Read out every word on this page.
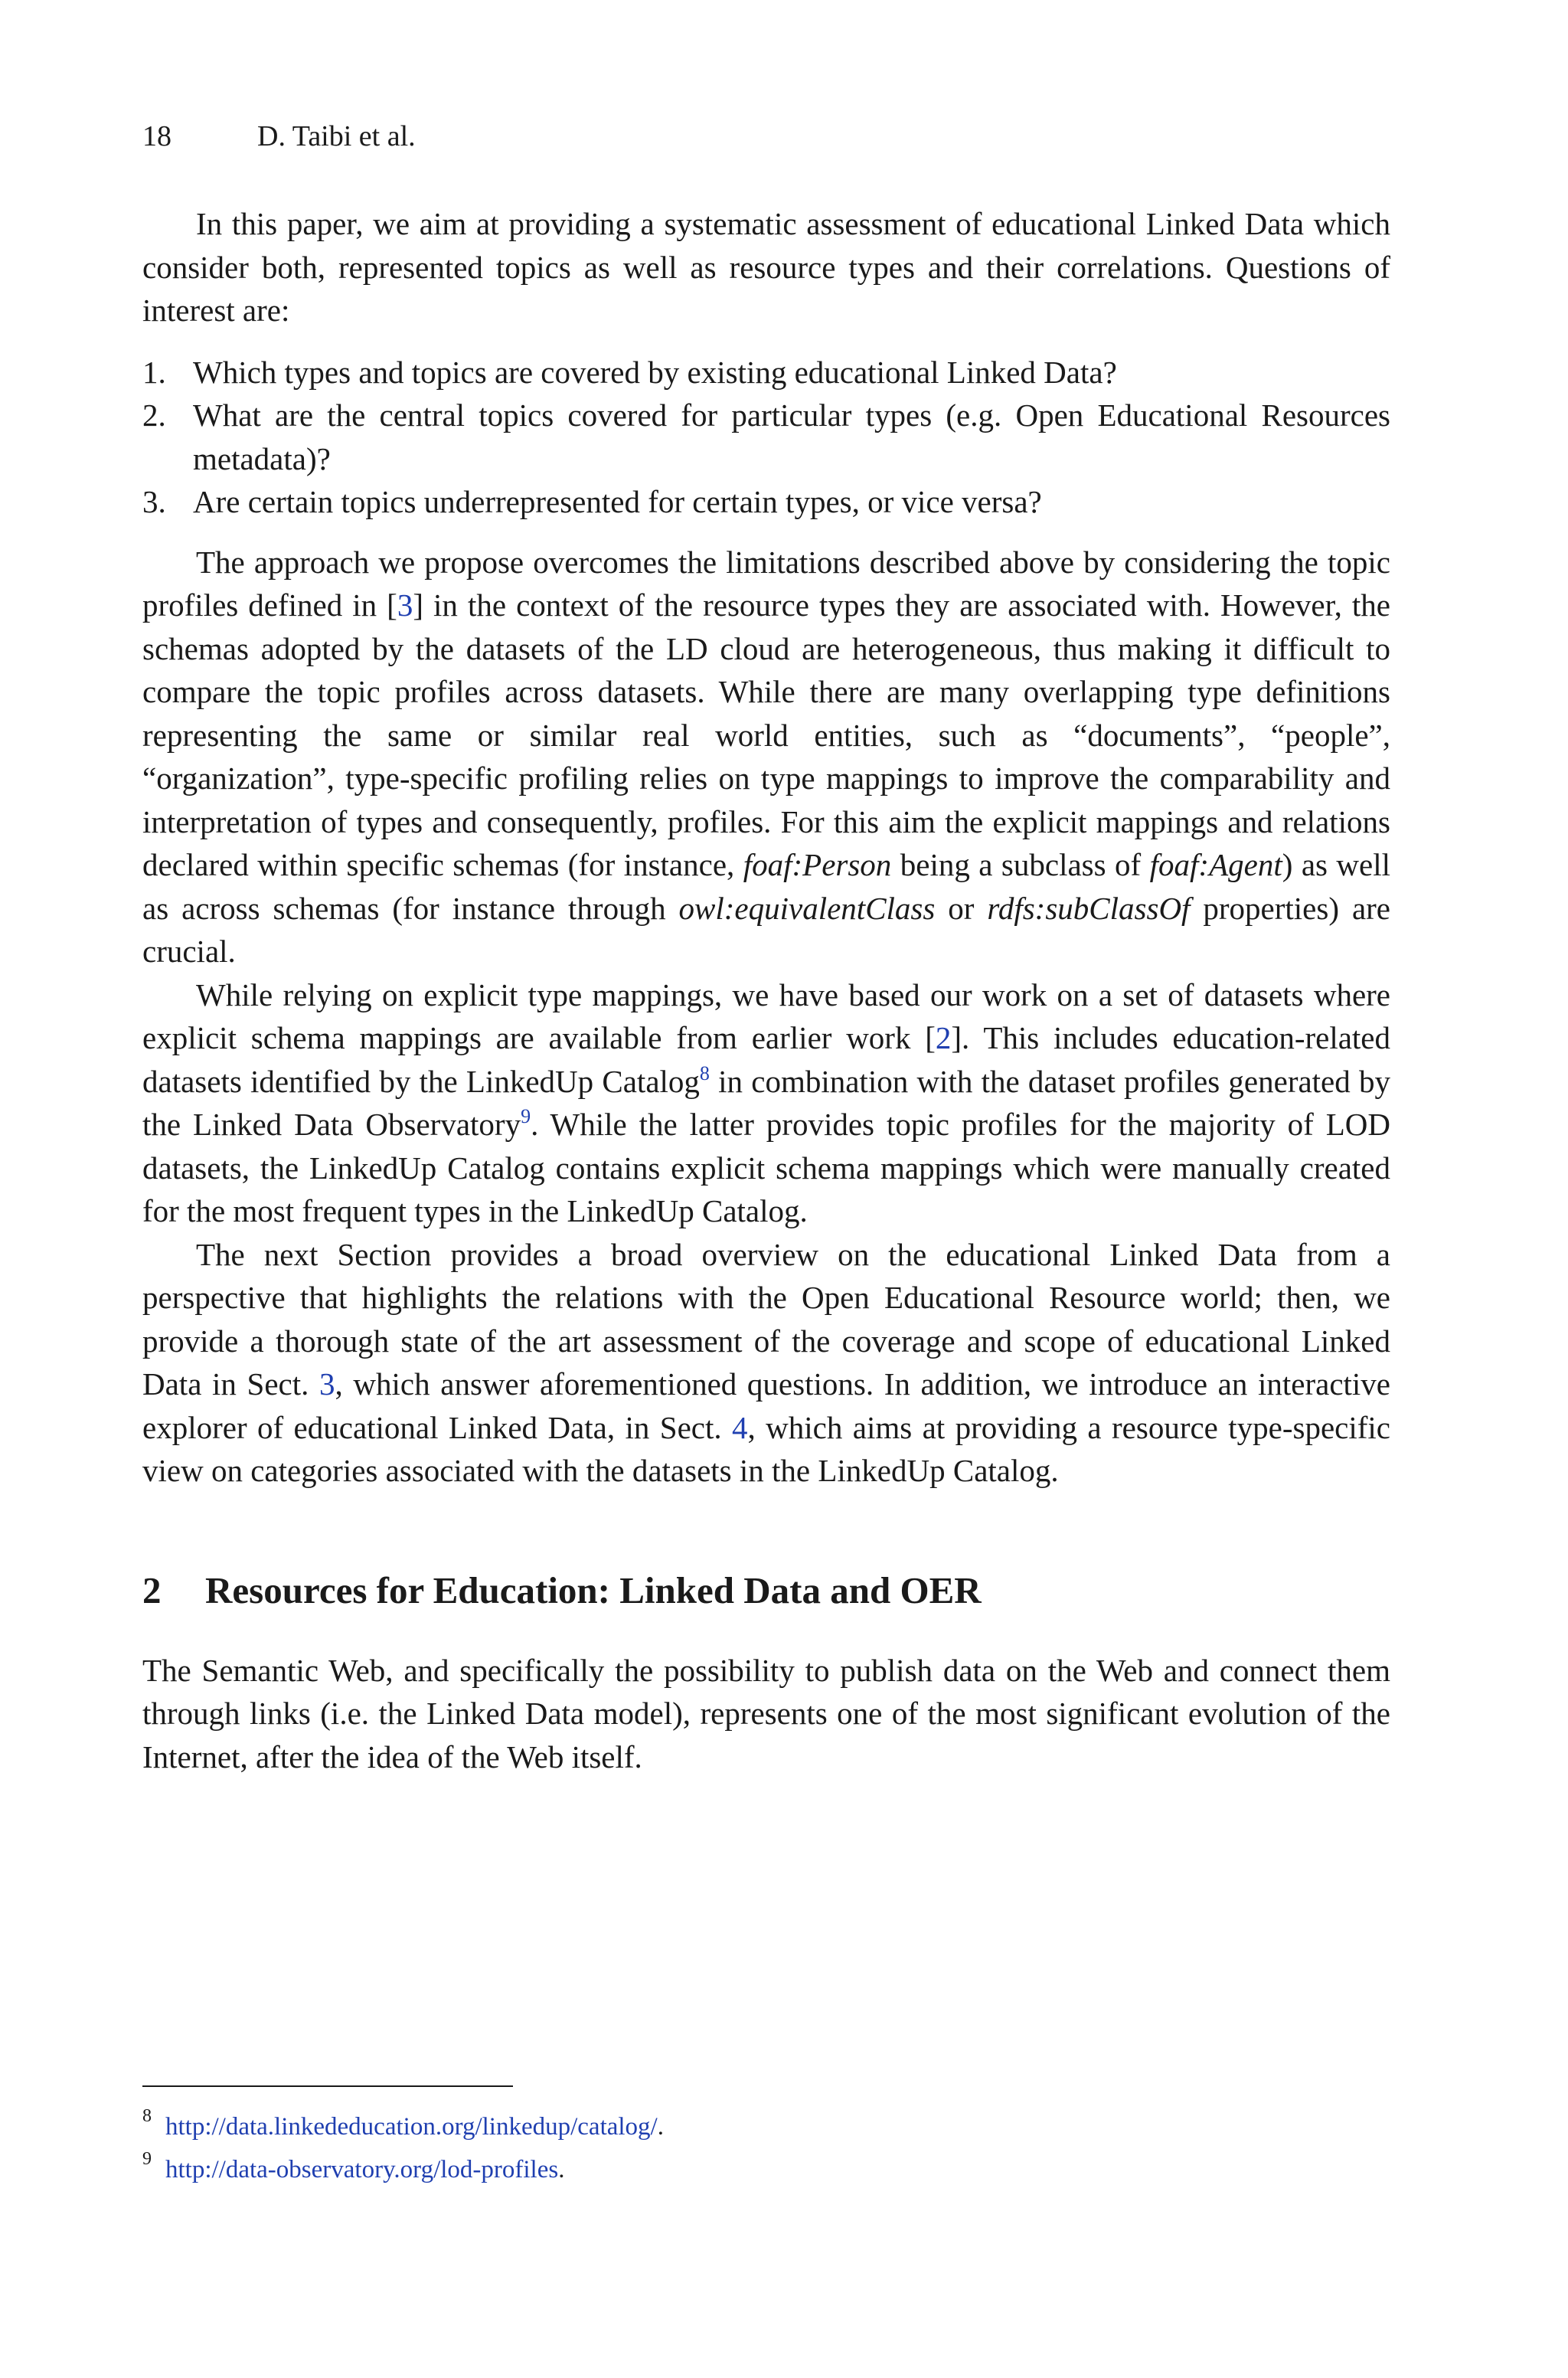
18	D. Taibi et al.

In this paper, we aim at providing a systematic assessment of educational Linked Data which consider both, represented topics as well as resource types and their correlations. Questions of interest are:

1. Which types and topics are covered by existing educational Linked Data?
2. What are the central topics covered for particular types (e.g. Open Educational Resources metadata)?
3. Are certain topics underrepresented for certain types, or vice versa?

The approach we propose overcomes the limitations described above by considering the topic profiles defined in [3] in the context of the resource types they are associated with. However, the schemas adopted by the datasets of the LD cloud are heterogeneous, thus making it difficult to compare the topic profiles across datasets. While there are many overlapping type definitions representing the same or similar real world entities, such as “documents”, “people”, “organization”, type-specific profiling relies on type mappings to improve the comparability and interpretation of types and consequently, profiles. For this aim the explicit mappings and relations declared within specific schemas (for instance, foaf:Person being a subclass of foaf:Agent) as well as across schemas (for instance through owl:equivalentClass or rdfs:subClassOf properties) are crucial.

While relying on explicit type mappings, we have based our work on a set of datasets where explicit schema mappings are available from earlier work [2]. This includes education-related datasets identified by the LinkedUp Catalog$^8$ in combination with the dataset profiles generated by the Linked Data Observatory$^9$. While the latter provides topic profiles for the majority of LOD datasets, the LinkedUp Catalog contains explicit schema mappings which were manually created for the most frequent types in the LinkedUp Catalog.

The next Section provides a broad overview on the educational Linked Data from a perspective that highlights the relations with the Open Educational Resource world; then, we provide a thorough state of the art assessment of the coverage and scope of educational Linked Data in Sect. 3, which answer aforementioned questions. In addition, we introduce an interactive explorer of educational Linked Data, in Sect. 4, which aims at providing a resource type-specific view on categories associated with the datasets in the LinkedUp Catalog.

2 Resources for Education: Linked Data and OER

The Semantic Web, and specifically the possibility to publish data on the Web and connect them through links (i.e. the Linked Data model), represents one of the most significant evolution of the Internet, after the idea of the Web itself.

8 http://data.linkededucation.org/linkedup/catalog/.
9 http://data-observatory.org/lod-profiles.
